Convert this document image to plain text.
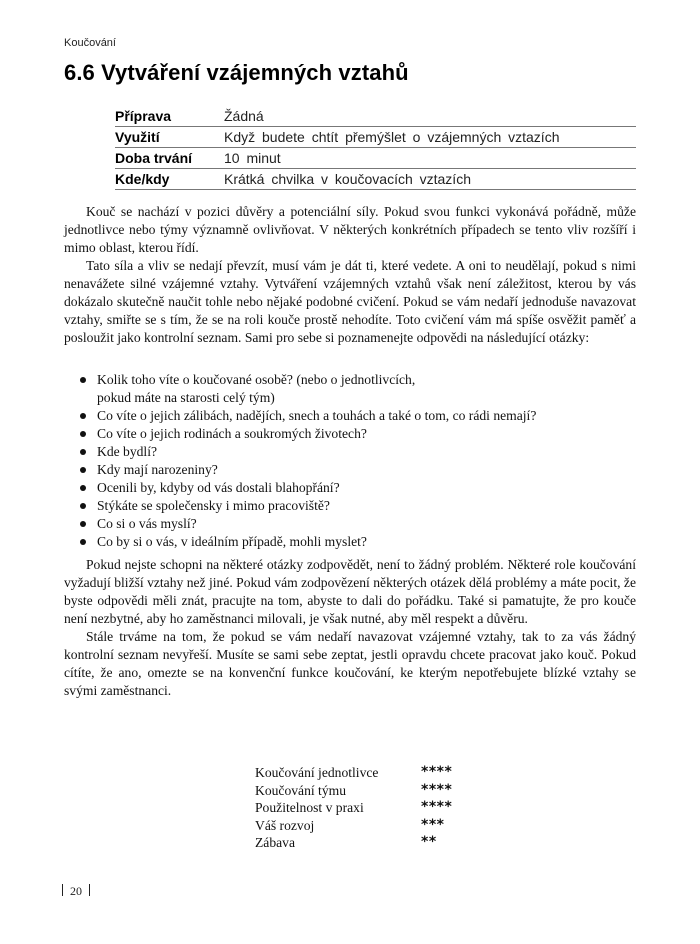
Koučování
6.6 Vytváření vzájemných vztahů
Příprava	Žádná
Využití	Když budete chtít přemýšlet o vzájemných vztazích
Doba trvání	10 minut
Kde/kdy	Krátká chvilka v koučovacích vztazích

Kouč se nachází v pozici důvěry a potenciální síly. Pokud svou funkci vykonává pořádně, může jednotlivce nebo týmy významně ovlivňovat. V některých konkrétních případech se tento vliv rozšíří i mimo oblast, kterou řídí.

Tato síla a vliv se nedají převzít, musí vám je dát ti, které vedete. A oni to neudělají, pokud s nimi nenavážete silné vzájemné vztahy. Vytváření vzájemných vztahů však není záležitost, kterou by vás dokázalo skutečně naučit tohle nebo nějaké podobné cvičení. Pokud se vám nedaří jednoduše navazovat vztahy, smiřte se s tím, že se na roli kouče prostě nehodíte. Toto cvičení vám má spíše osvěžit paměť a posloužit jako kontrolní seznam. Sami pro sebe si poznamenejte odpovědi na následující otázky:

Kolik toho víte o koučované osobě? (nebo o jednotlivcích,
pokud máte na starosti celý tým)
Co víte o jejich zálibách, nadějích, snech a touhách a také o tom, co rádi nemají?
Co víte o jejich rodinách a soukromých životech?
Kde bydlí?
Kdy mají narozeniny?
Ocenili by, kdyby od vás dostali blahopřání?
Stýkáte se společensky i mimo pracoviště?
Co si o vás myslí?
Co by si o vás, v ideálním případě, mohli myslet?

Pokud nejste schopni na některé otázky zodpovědět, není to žádný problém. Některé role koučování vyžadují bližší vztahy než jiné. Pokud vám zodpovězení některých otázek dělá problémy a máte pocit, že byste odpovědi měli znát, pracujte na tom, abyste to dali do pořádku. Také si pamatujte, že pro kouče není nezbytné, aby ho zaměstnanci milovali, je však nutné, aby měl respekt a důvěru.

Stále trváme na tom, že pokud se vám nedaří navazovat vzájemné vztahy, tak to za vás žádný kontrolní seznam nevyřeší. Musíte se sami sebe zeptat, jestli opravdu chcete pracovat jako kouč. Pokud cítíte, že ano, omezte se na konvenční funkce koučování, ke kterým nepotřebujete blízké vztahy se svými zaměstnanci.

Koučování jednotlivce	****
Koučování týmu	****
Použitelnost v praxi	****
Váš rozvoj	***
Zábava	**
20
